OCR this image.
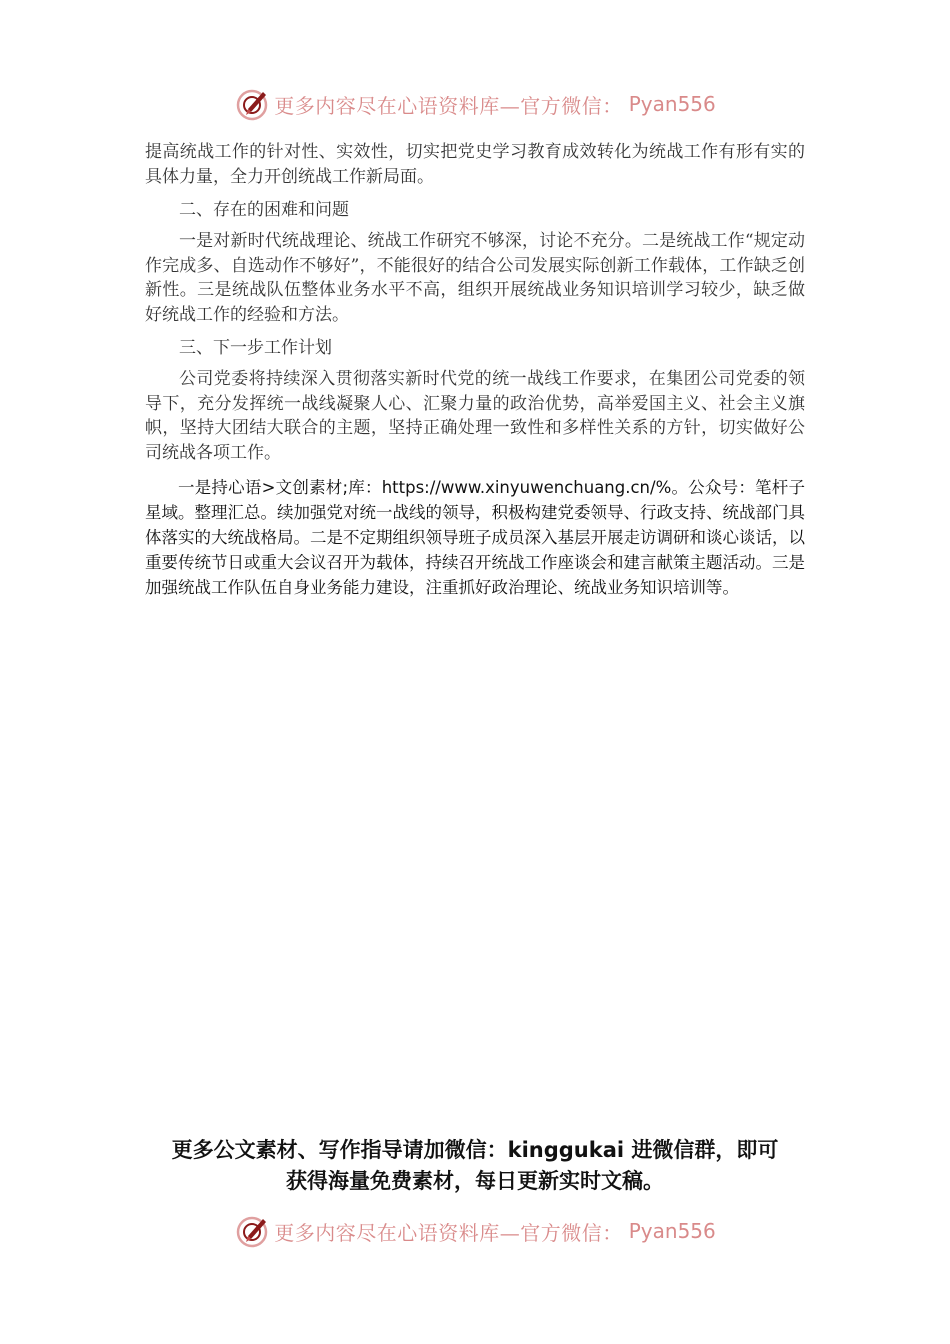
更多内容尽在心语资料库—官方微信： Pyan556

提高统战工作的针对性、实效性，切实把党史学习教育成效转化为统战工作有形有实的具体力量，全力开创统战工作新局面。

二、存在的困难和问题

一是对新时代统战理论、统战工作研究不够深，讨论不充分。二是统战工作“规定动作完成多、自选动作不够好”，不能很好的结合公司发展实际创新工作载体，工作缺乏创新性。三是统战队伍整体业务水平不高，组织开展统战业务知识培训学习较少，缺乏做好统战工作的经验和方法。

三、下一步工作计划

公司党委将持续深入贯彻落实新时代党的统一战线工作要求，在集团公司党委的领导下，充分发挥统一战线凝聚人心、汇聚力量的政治优势，高举爱国主义、社会主义旗帜，坚持大团结大联合的主题，坚持正确处理一致性和多样性关系的方针，切实做好公司统战各项工作。

一是持心语>文创素材;库：https://www.xinyuwenchuang.cn/%。公众号：笔杆子星域。整理汇总。续加强党对统一战线的领导，积极构建党委领导、行政支持、统战部门具体落实的大统战格局。二是不定期组织领导班子成员深入基层开展走访调研和谈心谈话，以重要传统节日或重大会议召开为载体，持续召开统战工作座谈会和建言献策主题活动。三是加强统战工作队伍自身业务能力建设，注重抓好政治理论、统战业务知识培训等。

更多公文素材、写作指导请加微信：kinggukai 进微信群，即可
获得海量免费素材，每日更新实时文稿。
更多内容尽在心语资料库—官方微信： Pyan556
